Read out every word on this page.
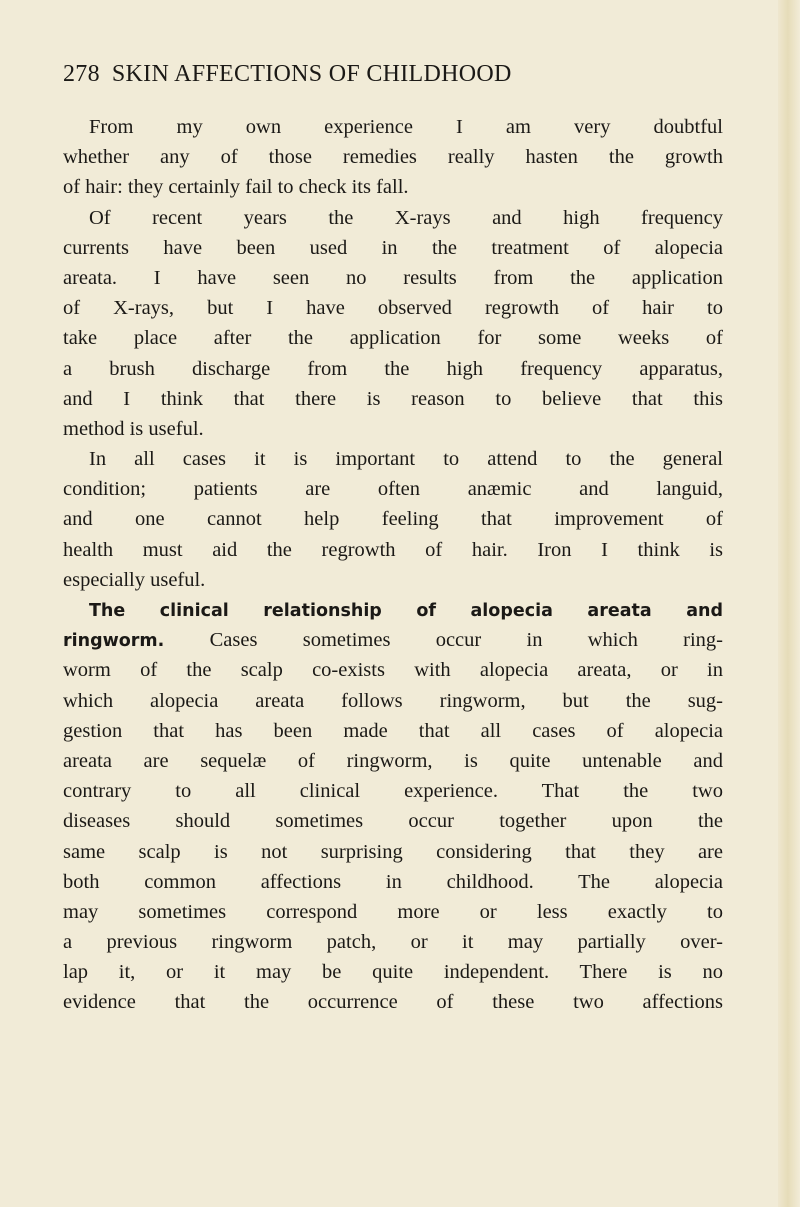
278 SKIN AFFECTIONS OF CHILDHOOD
From my own experience I am very doubtful
whether any of those remedies really hasten the growth
of hair: they certainly fail to check its fall.
Of recent years the X-rays and high frequency
currents have been used in the treatment of alopecia
areata. I have seen no results from the application
of X-rays, but I have observed regrowth of hair to
take place after the application for some weeks of
a brush discharge from the high frequency apparatus,
and I think that there is reason to believe that this
method is useful.
In all cases it is important to attend to the general
condition; patients are often anæmic and languid,
and one cannot help feeling that improvement of
health must aid the regrowth of hair. Iron I think is
especially useful.
The clinical relationship of alopecia areata and
ringworm. Cases sometimes occur in which ring-
worm of the scalp co-exists with alopecia areata, or in
which alopecia areata follows ringworm, but the sug-
gestion that has been made that all cases of alopecia
areata are sequelæ of ringworm, is quite untenable and
contrary to all clinical experience. That the two
diseases should sometimes occur together upon the
same scalp is not surprising considering that they are
both common affections in childhood. The alopecia
may sometimes correspond more or less exactly to
a previous ringworm patch, or it may partially over-
lap it, or it may be quite independent. There is no
evidence that the occurrence of these two affections
